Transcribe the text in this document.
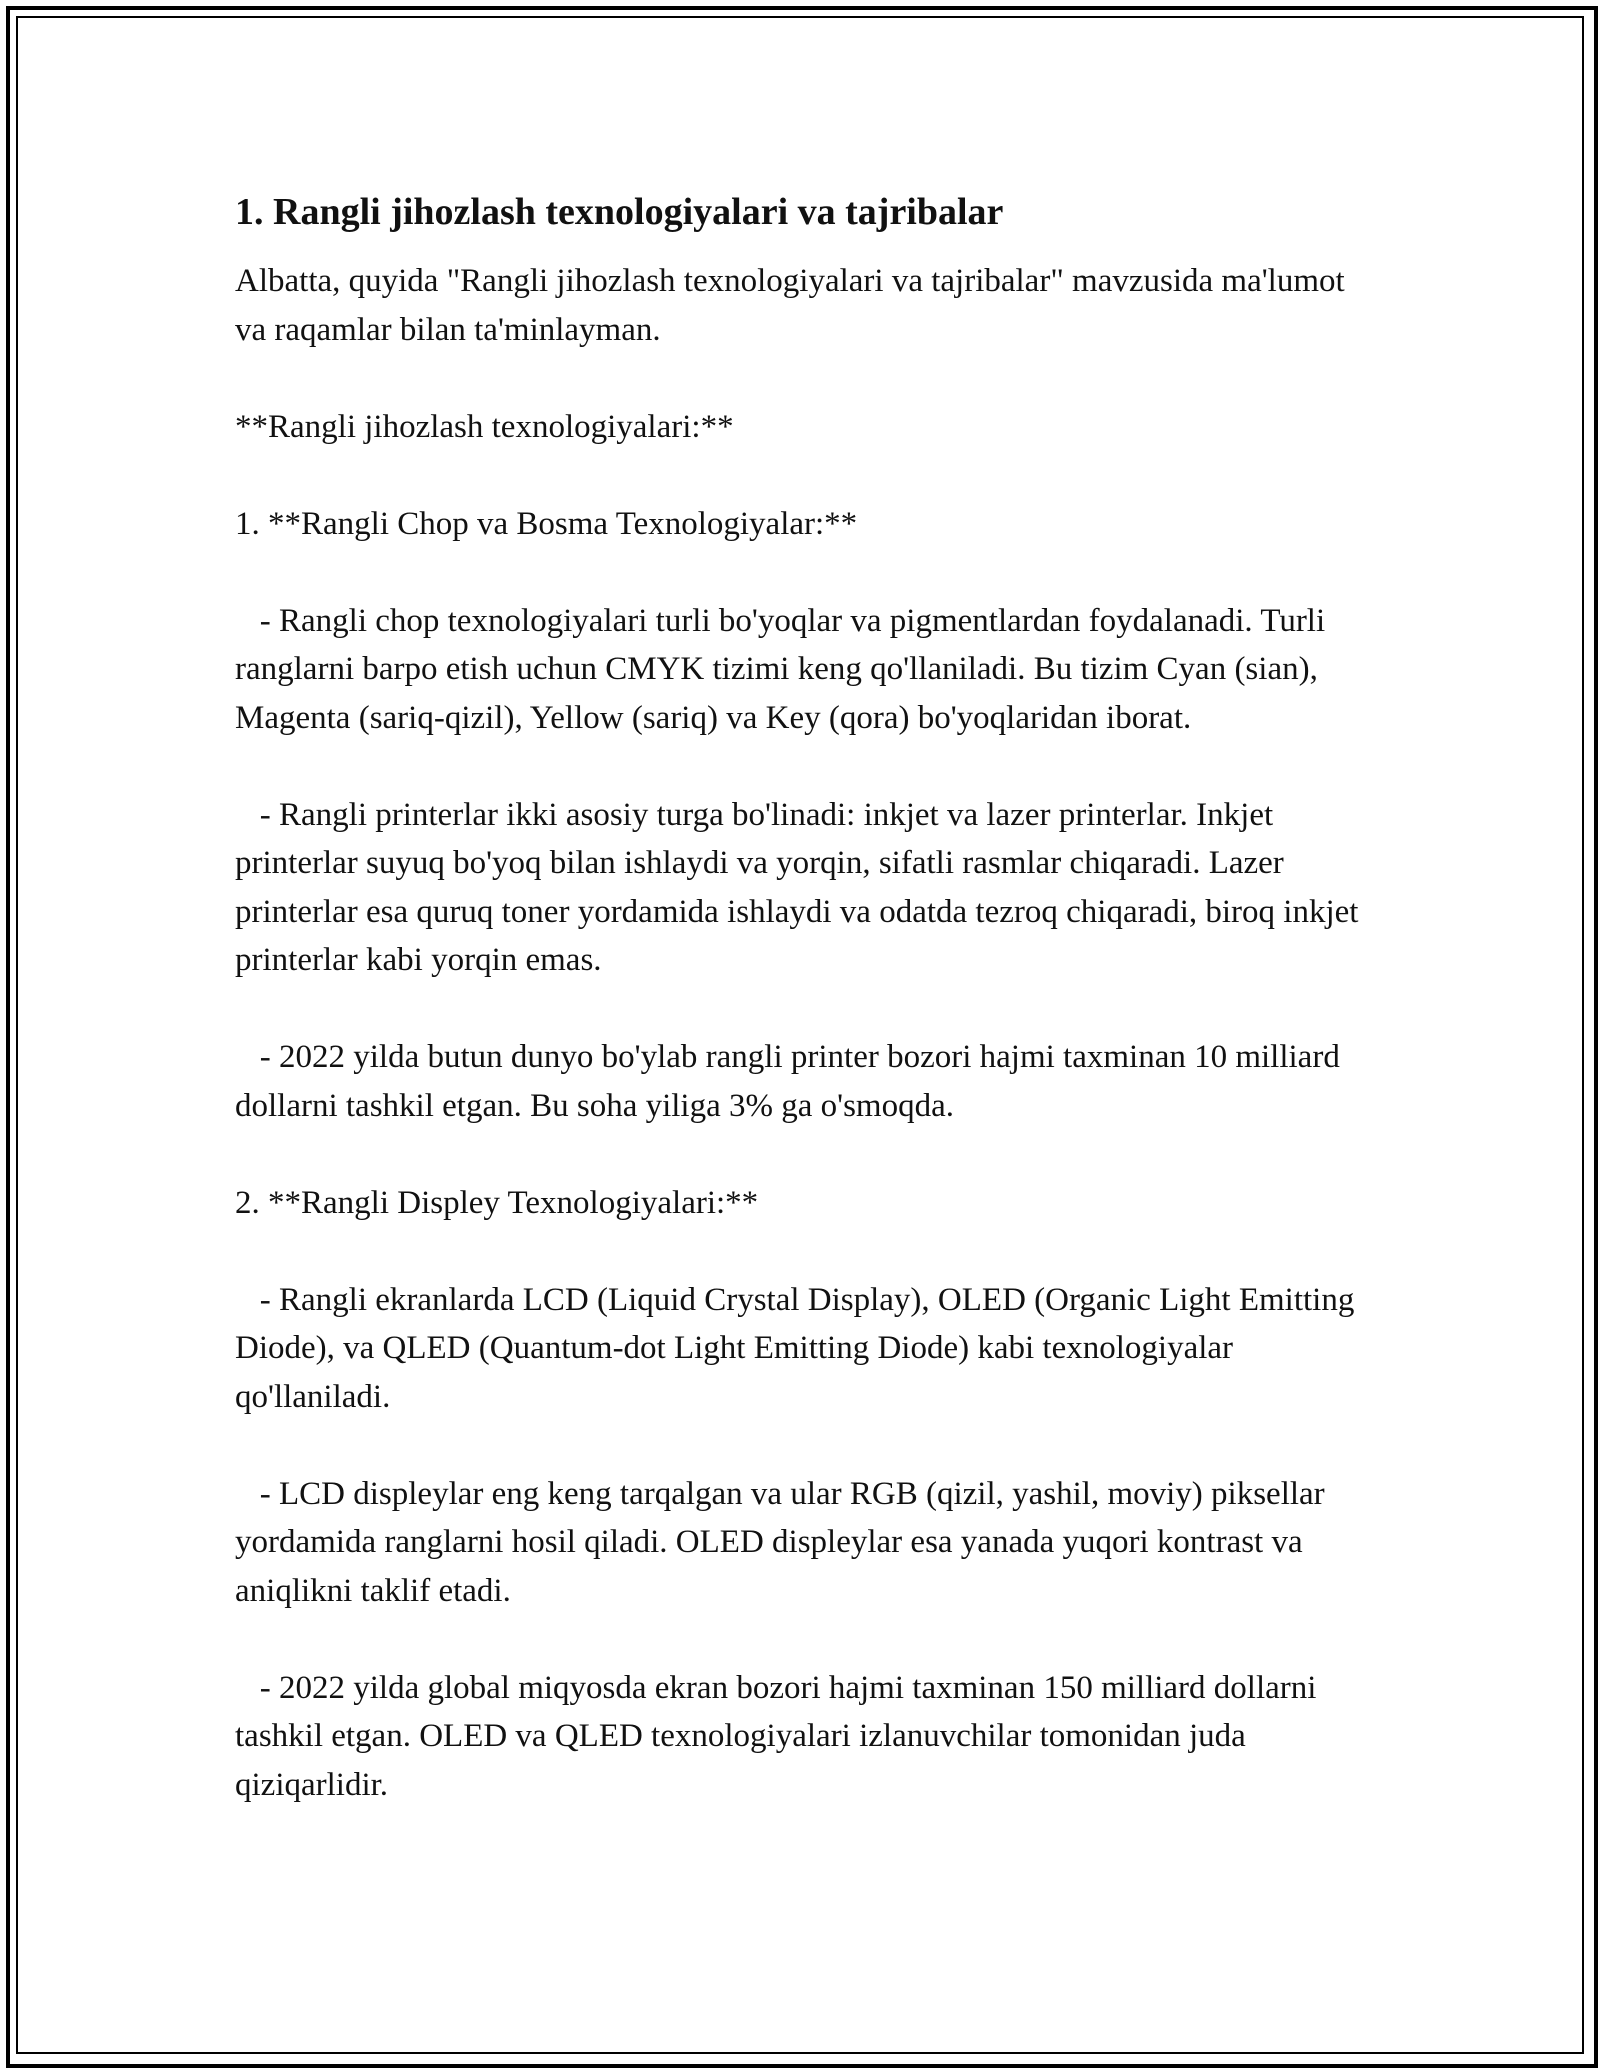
1. Rangli jihozlash texnologiyalari va tajribalar

Albatta, quyida "Rangli jihozlash texnologiyalari va tajribalar" mavzusida ma'lumot va raqamlar bilan ta'minlayman.

**Rangli jihozlash texnologiyalari:**

1. **Rangli Chop va Bosma Texnologiyalar:**

- Rangli chop texnologiyalari turli bo'yoqlar va pigmentlardan foydalanadi. Turli ranglarni barpo etish uchun CMYK tizimi keng qo'llaniladi. Bu tizim Cyan (sian), Magenta (sariq-qizil), Yellow (sariq) va Key (qora) bo'yoqlaridan iborat.

- Rangli printerlar ikki asosiy turga bo'linadi: inkjet va lazer printerlar. Inkjet printerlar suyuq bo'yoq bilan ishlaydi va yorqin, sifatli rasmlar chiqaradi. Lazer printerlar esa quruq toner yordamida ishlaydi va odatda tezroq chiqaradi, biroq inkjet printerlar kabi yorqin emas.

- 2022 yilda butun dunyo bo'ylab rangli printer bozori hajmi taxminan 10 milliard dollarni tashkil etgan. Bu soha yiliga 3% ga o'smoqda.

2. **Rangli Displey Texnologiyalari:**

- Rangli ekranlarda LCD (Liquid Crystal Display), OLED (Organic Light Emitting Diode), va QLED (Quantum-dot Light Emitting Diode) kabi texnologiyalar qo'llaniladi.

- LCD displeylar eng keng tarqalgan va ular RGB (qizil, yashil, moviy) piksellar yordamida ranglarni hosil qiladi. OLED displeylar esa yanada yuqori kontrast va aniqlikni taklif etadi.

- 2022 yilda global miqyosda ekran bozori hajmi taxminan 150 milliard dollarni tashkil etgan. OLED va QLED texnologiyalari izlanuvchilar tomonidan juda qiziqarlidir.
